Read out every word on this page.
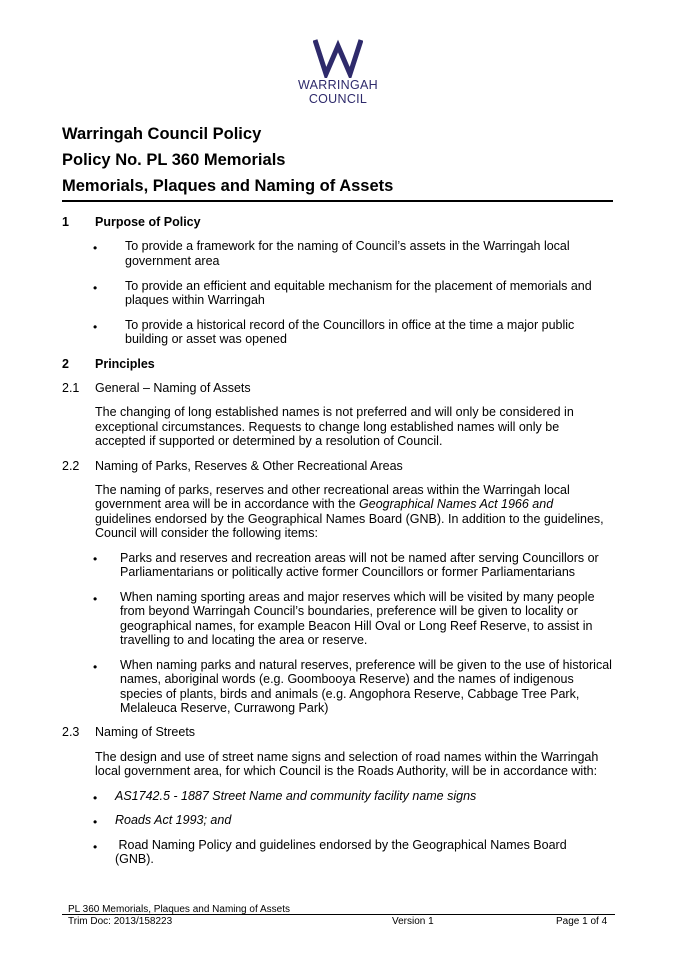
WARRINGAH
COUNCIL
Warringah Council Policy
Policy No. PL 360 Memorials
Memorials, Plaques and Naming of Assets
1 Purpose of Policy
• To provide a framework for the naming of Council’s assets in the Warringah local
government area
• To provide an efficient and equitable mechanism for the placement of memorials and
plaques within Warringah
• To provide a historical record of the Councillors in office at the time a major public
building or asset was opened
2 Principles
2.1 General – Naming of Assets
The changing of long established names is not preferred and will only be considered in
exceptional circumstances. Requests to change long established names will only be
accepted if supported or determined by a resolution of Council.
2.2 Naming of Parks, Reserves & Other Recreational Areas
The naming of parks, reserves and other recreational areas within the Warringah local
government area will be in accordance with the Geographical Names Act 1966 and
guidelines endorsed by the Geographical Names Board (GNB). In addition to the guidelines,
Council will consider the following items:
• Parks and reserves and recreation areas will not be named after serving Councillors or
Parliamentarians or politically active former Councillors or former Parliamentarians
• When naming sporting areas and major reserves which will be visited by many people
from beyond Warringah Council’s boundaries, preference will be given to locality or
geographical names, for example Beacon Hill Oval or Long Reef Reserve, to assist in
travelling to and locating the area or reserve.
• When naming parks and natural reserves, preference will be given to the use of historical
names, aboriginal words (e.g. Goombooya Reserve) and the names of indigenous
species of plants, birds and animals (e.g. Angophora Reserve, Cabbage Tree Park,
Melaleuca Reserve, Currawong Park)
2.3 Naming of Streets
The design and use of street name signs and selection of road names within the Warringah
local government area, for which Council is the Roads Authority, will be in accordance with:
• AS1742.5 - 1887 Street Name and community facility name signs
• Roads Act 1993; and
• Road Naming Policy and guidelines endorsed by the Geographical Names Board
(GNB).
PL 360 Memorials, Plaques and Naming of Assets
Trim Doc: 2013/158223	Version 1	Page 1 of 4
